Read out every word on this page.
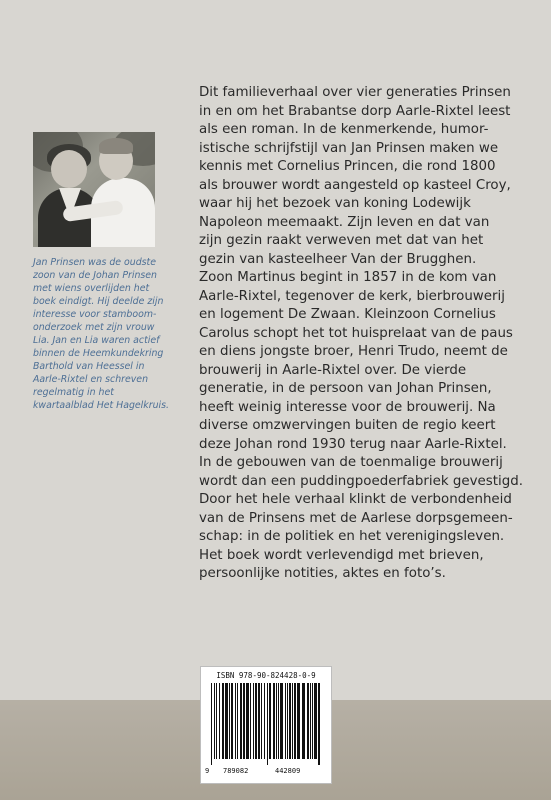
Jan Prinsen was de oudste zoon van de Johan Prinsen met wiens overlijden het boek eindigt. Hij deelde zijn interesse voor stamboom-onderzoek met zijn vrouw Lia. Jan en Lia waren actief binnen de Heemkundekring Barthold van Heessel in Aarle-Rixtel en schreven regelmatig in het kwartaalblad Het Hagelkruis.

Dit familieverhaal over vier generaties Prinsen
in en om het Brabantse dorp Aarle-Rixtel leest
als een roman. In de kenmerkende, humor-
istische schrijfstijl van Jan Prinsen maken we
kennis met Cornelius Princen, die rond 1800
als brouwer wordt aangesteld op kasteel Croy,
waar hij het bezoek van koning Lodewijk
Napoleon meemaakt. Zijn leven en dat van
zijn gezin raakt verweven met dat van het
gezin van kasteelheer Van der Brugghen.
Zoon Martinus begint in 1857 in de kom van
Aarle-Rixtel, tegenover de kerk, bierbrouwerij
en logement De Zwaan. Kleinzoon Cornelius
Carolus schopt het tot huisprelaat van de paus
en diens jongste broer, Henri Trudo, neemt de
brouwerij in Aarle-Rixtel over. De vierde
generatie, in de persoon van Johan Prinsen,
heeft weinig interesse voor de brouwerij. Na
diverse omzwervingen buiten de regio keert
deze Johan rond 1930 terug naar Aarle-Rixtel.
In de gebouwen van de toenmalige brouwerij
wordt dan een puddingpoederfabriek gevestigd.
Door het hele verhaal klinkt de verbondenheid
van de Prinsens met de Aarlese dorpsgemeen-
schap: in de politiek en het verenigingsleven.
Het boek wordt verlevendigd met brieven,
persoonlijke notities, aktes en foto’s.

ISBN 978-90-824428-0-9
9 789082	442809
